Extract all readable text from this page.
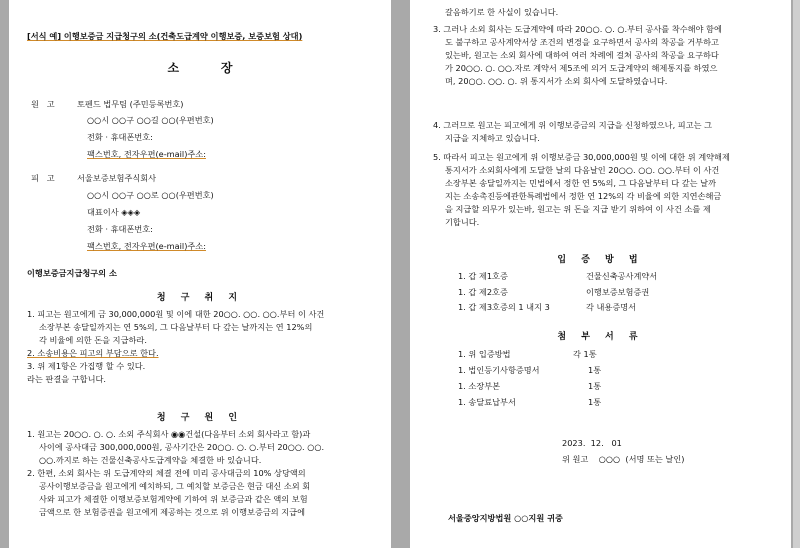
[서식 예] 이행보증금 지급청구의 소(건축도급계약 이행보증, 보증보험 상대)
소          장
원   고	토펜드 법무팀 (주민등록번호)
○○시 ○○구 ○○길 ○○(우편번호)
전화 · 휴대폰번호:
팩스번호, 전자우편(e-mail)주소:
피   고	서울보증보험주식회사
○○시 ○○구 ○○로 ○○(우편번호)
대표이사 ◈◈◈
전화 · 휴대폰번호:
팩스번호, 전자우편(e-mail)주소:
이행보증금지급청구의 소
청 구 취 지
1. 피고는 원고에게 금 30,000,000원 및 이에 대한 20○○. ○○. ○○.부터 이 사건
소장부본 송달일까지는 연 5%의, 그 다음날부터 다 갚는 날까지는 연 12%의
각 비율에 의한 돈을 지급하라.
2. 소송비용은 피고의 부담으로 한다.
3. 위 제1항은 가집행 할 수 있다.
라는 판결을 구합니다.
청 구 원 인
1. 원고는 20○○. ○. ○. 소외 주식회사 ◉◉건설(다음부터 소외 회사라고 함)과
사이에 공사대금 300,000,000원, 공사기간은 20○○. ○. ○.부터 20○○. ○○.
○○.까지로 하는 건물신축공사도급계약을 체결한 바 있습니다.
2. 한편, 소외 회사는 위 도급계약의 체결 전에 미리 공사대금의 10% 상당액의
공사이행보증금을 원고에게 예치하되, 그 예치할 보증금은 현금 대신 소외 회
사와 피고가 체결한 이행보증보험계약에 기하여 위 보증금과 같은 액의 보험
금액으로 한 보험증권을 원고에게 제공하는 것으로 위 이행보증금의 지급에
갈음하기로 한 사실이 있습니다.
3. 그러나 소외 회사는 도급계약에 따라 20○○. ○. ○.부터 공사를 착수해야 함에
도 불구하고 공사계약서상 조건의 변경을 요구하면서 공사의 착공을 거부하고
있는바, 원고는 소외 회사에 대하여 여러 차례에 걸쳐 공사의 착공을 요구하다
가 20○○. ○. ○○.자로 계약서 제5조에 의거 도급계약의 해제통지를 하였으
며, 20○○. ○○. ○. 위 통지서가 소외 회사에 도달하였습니다.
4. 그러므로 원고는 피고에게 위 이행보증금의 지급을 신청하였으나, 피고는 그
지급을 지체하고 있습니다.
5. 따라서 피고는 원고에게 위 이행보증금 30,000,000원 및 이에 대한 위 계약해제
통지서가 소외회사에게 도달한 날의 다음날인 20○○. ○○. ○○.부터 이 사건
소장부본 송달일까지는 민법에서 정한 연 5%의, 그 다음날부터 다 갚는 날까
지는 소송촉진등에관한특례법에서 정한 연 12%의 각 비율에 의한 지연손해금
을 지급할 의무가 있는바, 원고는 위 돈을 지급 받기 위하여 이 사건 소를 제
기합니다.
입 증 방 법
1. 갑 제1호증	건물신축공사계약서
1. 갑 제2호증	이행보증보험증권
1. 갑 제3호증의 1 내지 3	각 내용증명서
첨 부 서 류
1. 위 입증방법	각 1통
1. 법인등기사항증명서	1통
1. 소장부본	1통
1. 송달료납부서	1통
2023.  12.   01
위 원고    ○○○  (서명 또는 날인)
서울중앙지방법원 ○○지원 귀중
